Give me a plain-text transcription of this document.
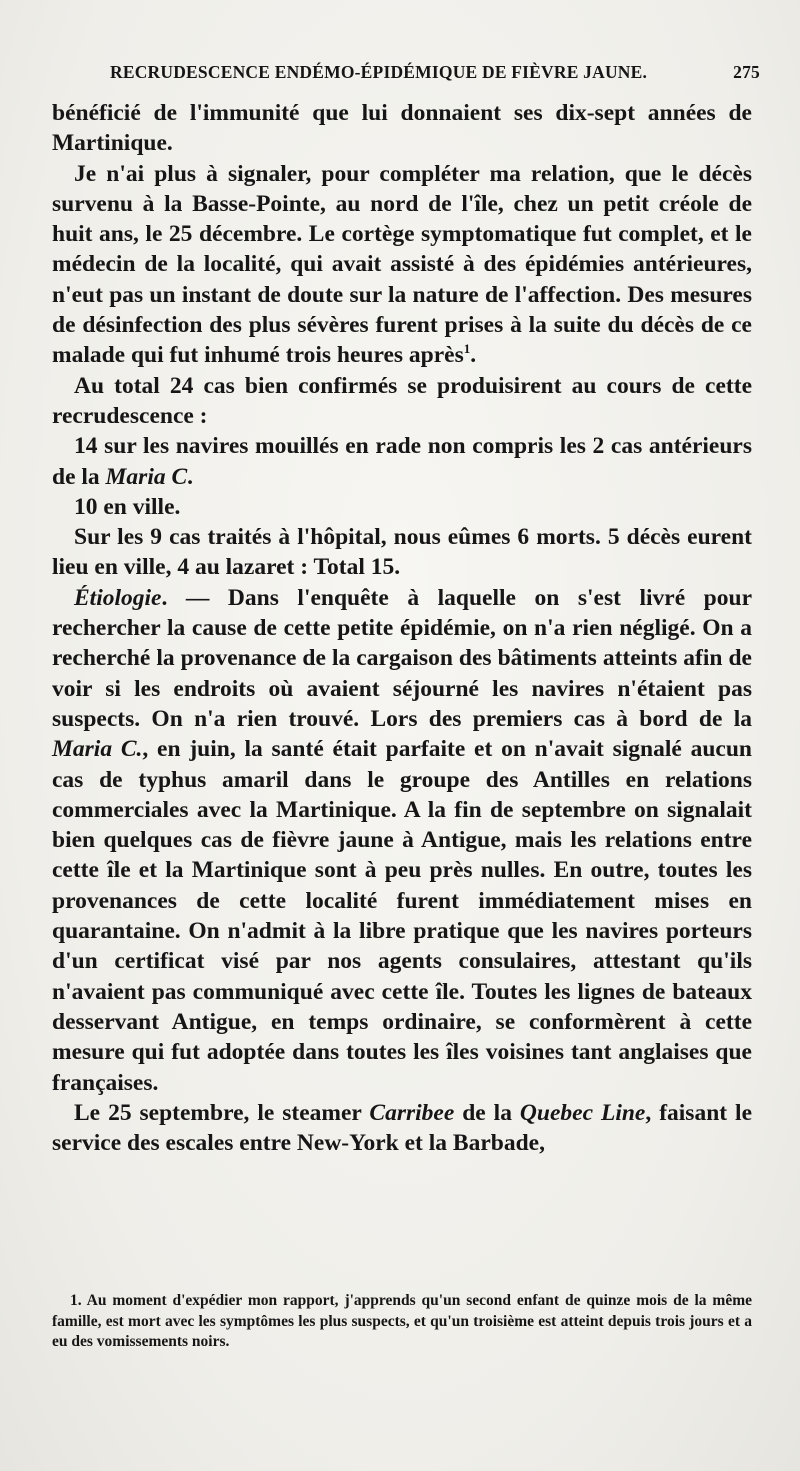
RECRUDESCENCE ENDÉMO-ÉPIDÉMIQUE DE FIÈVRE JAUNE.	275

bénéficié de l'immunité que lui donnaient ses dix-sept années de Martinique.

Je n'ai plus à signaler, pour compléter ma relation, que le décès survenu à la Basse-Pointe, au nord de l'île, chez un petit créole de huit ans, le 25 décembre. Le cortège symptomatique fut complet, et le médecin de la localité, qui avait assisté à des épidémies antérieures, n'eut pas un instant de doute sur la nature de l'affection. Des mesures de désinfection des plus sévères furent prises à la suite du décès de ce malade qui fut inhumé trois heures après$^1$.

Au total 24 cas bien confirmés se produisirent au cours de cette recrudescence :

14 sur les navires mouillés en rade non compris les 2 cas antérieurs de la Maria C.

10 en ville.

Sur les 9 cas traités à l'hôpital, nous eûmes 6 morts. 5 décès eurent lieu en ville, 4 au lazaret : Total 15.

Étiologie. — Dans l'enquête à laquelle on s'est livré pour rechercher la cause de cette petite épidémie, on n'a rien négligé. On a recherché la provenance de la cargaison des bâtiments atteints afin de voir si les endroits où avaient séjourné les navires n'étaient pas suspects. On n'a rien trouvé. Lors des premiers cas à bord de la Maria C., en juin, la santé était parfaite et on n'avait signalé aucun cas de typhus amaril dans le groupe des Antilles en relations commerciales avec la Martinique. A la fin de septembre on signalait bien quelques cas de fièvre jaune à Antigue, mais les relations entre cette île et la Martinique sont à peu près nulles. En outre, toutes les provenances de cette localité furent immédiatement mises en quarantaine. On n'admit à la libre pratique que les navires porteurs d'un certificat visé par nos agents consulaires, attestant qu'ils n'avaient pas communiqué avec cette île. Toutes les lignes de bateaux desservant Antigue, en temps ordinaire, se conformèrent à cette mesure qui fut adoptée dans toutes les îles voisines tant anglaises que françaises.

Le 25 septembre, le steamer Carribee de la Quebec Line, faisant le service des escales entre New-York et la Barbade,

1. Au moment d'expédier mon rapport, j'apprends qu'un second enfant de quinze mois de la même famille, est mort avec les symptômes les plus suspects, et qu'un troisième est atteint depuis trois jours et a eu des vomissements noirs.
